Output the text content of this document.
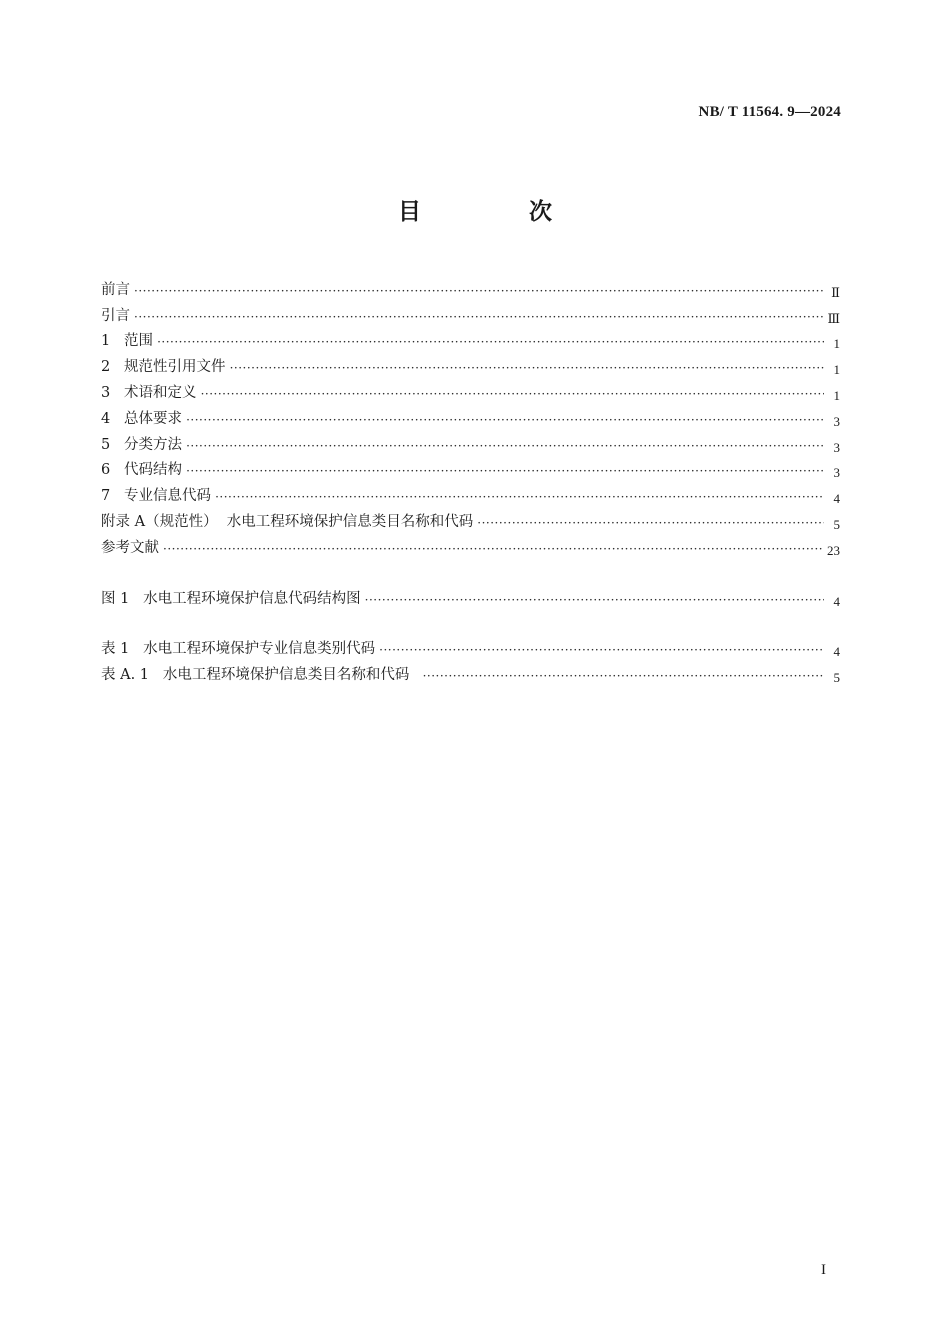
NB/ T 11564. 9—2024
目 次
前言 ·····	Ⅱ
引言 ·····	Ⅲ
1   范围 ·····	1
2   规范性引用文件 ·····	1
3   术语和定义 ·····	1
4   总体要求 ·····	3
5   分类方法 ·····	3
6   代码结构 ·····	3
7   专业信息代码 ·····	4
附录 A（规范性）  水电工程环境保护信息类目名称和代码 ·····	5
参考文献 ·····	23
图 1   水电工程环境保护信息代码结构图 ·····	4
表 1   水电工程环境保护专业信息类别代码 ·····	4
表 A. 1   水电工程环境保护信息类目名称和代码 ·····	5
I
